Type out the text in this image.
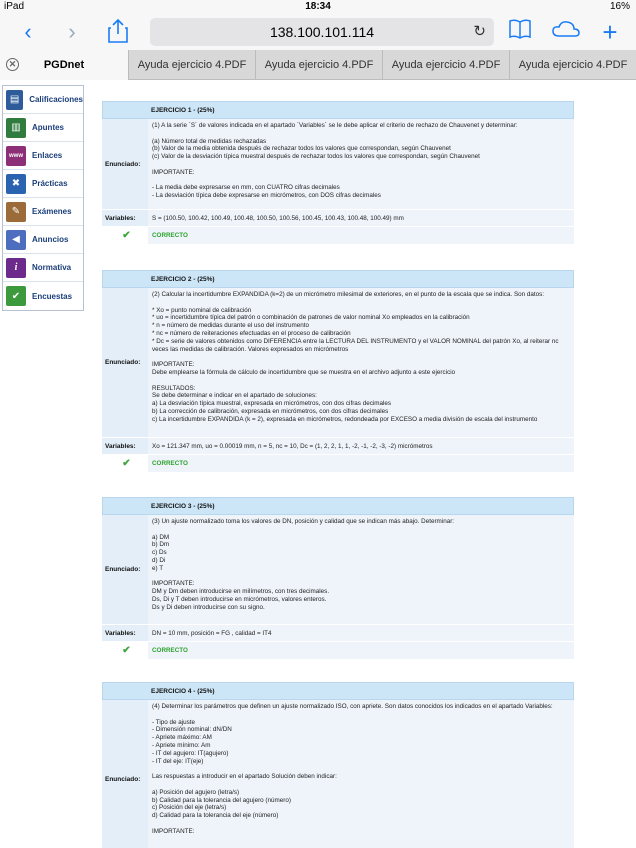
iPad	18:34	16%
‹ ›	138.100.101.114	↻	+
✕	PGDnet	Ayuda ejercicio 4.PDF	Ayuda ejercicio 4.PDF	Ayuda ejercicio 4.PDF	Ayuda ejercicio 4.PDF
▤	Calificaciones
▥	Apuntes
www	Enlaces
✖	Prácticas
✎	Exámenes
◀	Anuncios
i	Normativa
✔	Encuestas
EJERCICIO 1 - (25%)
Enunciado:
(1) A la serie `S´ de valores indicada en el apartado `Variables´ se le debe aplicar el criterio de rechazo de Chauvenet y determinar:

(a) Número total de medidas rechazadas
(b) Valor de la media obtenida después de rechazar todos los valores que correspondan, según Chauvenet
(c) Valor de la desviación típica muestral después de rechazar todos los valores que correspondan, según Chauvenet

IMPORTANTE:

- La media debe expresarse en mm, con CUATRO cifras decimales
- La desviación típica debe expresarse en micrómetros, con DOS cifras decimales
Variables:	S = (100.50, 100.42, 100.49, 100.48, 100.50, 100.56, 100.45, 100.43, 100.48, 100.49) mm
✔	CORRECTO
EJERCICIO 2 - (25%)
Enunciado:
(2) Calcular la incertidumbre EXPANDIDA (k=2) de un micrómetro milesimal de exteriores, en el punto de la escala que se indica. Son datos:

* Xo = punto nominal de calibración
* uo = incertidumbre típica del patrón o combinación de patrones de valor nominal Xo empleados en la calibración
* n = número de medidas durante el uso del instrumento
* nc = número de reiteraciones efectuadas en el proceso de calibración
* Dc = serie de valores obtenidos como DIFERENCIA entre la LECTURA DEL INSTRUMENTO y el VALOR NOMINAL del patrón Xo, al reiterar nc veces las medidas de calibración. Valores expresados en micrómetros

IMPORTANTE:
Debe emplearse la fórmula de cálculo de incertidumbre que se muestra en el archivo adjunto a este ejercicio

RESULTADOS:
Se debe determinar e indicar en el apartado de soluciones:
a) La desviación típica muestral, expresada en micrómetros, con dos cifras decimales
b) La corrección de calibración, expresada en micrómetros, con dos cifras decimales
c) La incertidumbre EXPANDIDA (k = 2), expresada en micrómetros, redondeada por EXCESO a media división de escala del instrumento
Variables:	Xo = 121.347 mm, uo = 0.00019 mm, n = 5, nc = 10, Dc = (1, 2, 2, 1, 1, -2, -1, -2, -3, -2) micrómetros
✔	CORRECTO
EJERCICIO 3 - (25%)
Enunciado:
(3) Un ajuste normalizado toma los valores de DN, posición y calidad que se indican más abajo. Determinar:

a) DM
b) Dm
c) Ds
d) Di
e) T

IMPORTANTE:
DM y Dm deben introducirse en milímetros, con tres decimales.
Ds, Di y T deben introducirse en micrómetros, valores enteros.
Ds y Di deben introducirse con su signo.
Variables:	DN = 10 mm, posición = FG , calidad = IT4
✔	CORRECTO
EJERCICIO 4 - (25%)
Enunciado:
(4) Determinar los parámetros que definen un ajuste normalizado ISO, con apriete. Son datos conocidos los indicados en el apartado Variables:

- Tipo de ajuste
- Dimensión nominal: dN/DN
- Apriete máximo: AM
- Apriete mínimo: Am
- IT del agujero: IT(agujero)
- IT del eje: IT(eje)

Las respuestas a introducir en el apartado Solución deben indicar:

a) Posición del agujero (letra/s)
b) Calidad para la tolerancia del agujero (número)
c) Posición del eje (letra/s)
d) Calidad para la tolerancia del eje (número)

IMPORTANTE:
